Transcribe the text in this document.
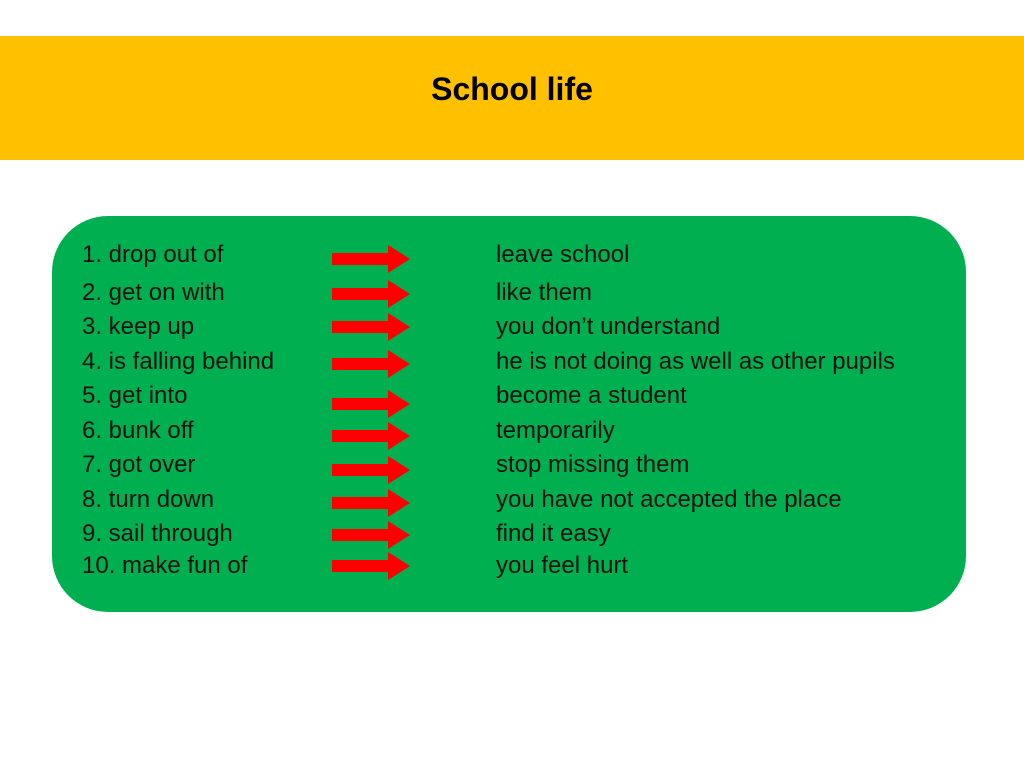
School life
1. drop out of	leave school
2. get on with	like them
3. keep up	you don’t understand
4. is falling behind	he is not doing as well as other pupils
5. get into	become a student
6. bunk off	temporarily
7. got over	stop missing them
8. turn down	you have not accepted the place
9. sail through	find it easy
10. make fun of	you feel hurt
